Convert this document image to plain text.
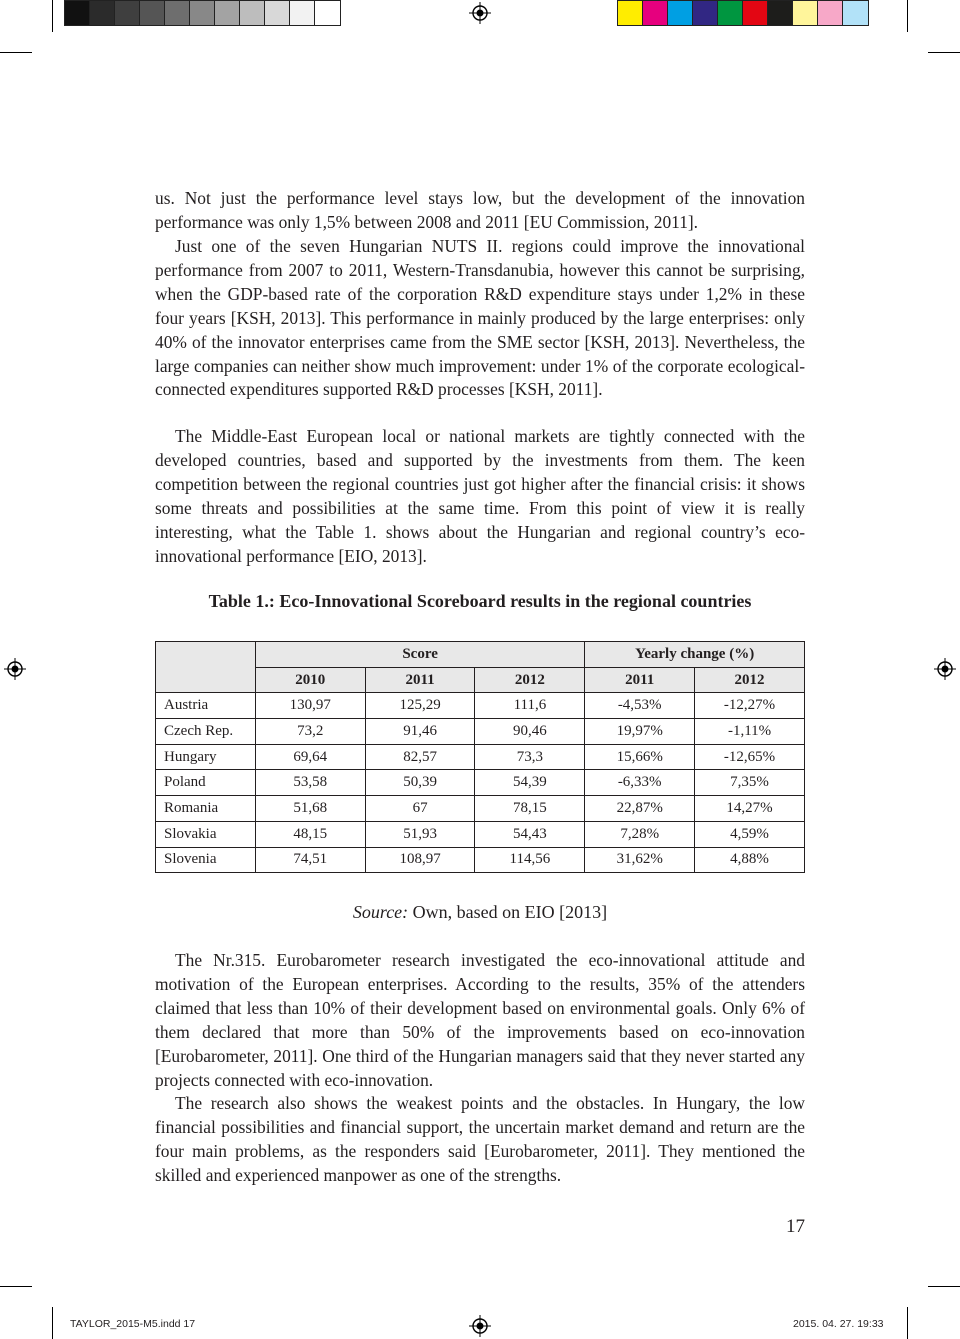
us. Not just the performance level stays low, but the development of the innovation performance was only 1,5% between 2008 and 2011 [EU Commission, 2011].

Just one of the seven Hungarian NUTS II. regions could improve the innovational performance from 2007 to 2011, Western-Transdanubia, however this cannot be surprising, when the GDP-based rate of the corporation R&D expenditure stays under 1,2% in these four years [KSH, 2013]. This performance in mainly produced by the large enterprises: only 40% of the innovator enterprises came from the SME sector [KSH, 2013]. Nevertheless, the large companies can neither show much improvement: under 1% of the corporate ecological-connected expenditures supported R&D processes [KSH, 2011].

The Middle-East European local or national markets are tightly connected with the developed countries, based and supported by the investments from them. The keen competition between the regional countries just got higher after the financial crisis: it shows some threats and possibilities at the same time. From this point of view it is really interesting, what the Table 1. shows about the Hungarian and regional country’s eco-innovational performance [EIO, 2013].

Table 1.: Eco-Innovational Scoreboard results in the regional countries

	Score			Yearly change (%)	
	2010	2011	2012	2011	2012
Austria	130,97	125,29	111,6	-4,53%	-12,27%
Czech Rep.	73,2	91,46	90,46	19,97%	-1,11%
Hungary	69,64	82,57	73,3	15,66%	-12,65%
Poland	53,58	50,39	54,39	-6,33%	7,35%
Romania	51,68	67	78,15	22,87%	14,27%
Slovakia	48,15	51,93	54,43	7,28%	4,59%
Slovenia	74,51	108,97	114,56	31,62%	4,88%

Source: Own, based on EIO [2013]

The Nr.315. Eurobarometer research investigated the eco-innovational attitude and motivation of the European enterprises. According to the results, 35% of the attenders claimed that less than 10% of their development based on environmental goals. Only 6% of them declared that more than 50% of the improvements based on eco-innovation [Eurobarometer, 2011]. One third of the Hungarian managers said that they never started any projects connected with eco-innovation.

The research also shows the weakest points and the obstacles. In Hungary, the low financial possibilities and financial support, the uncertain market demand and return are the four main problems, as the responders said [Eurobarometer, 2011]. They mentioned the skilled and experienced manpower as one of the strengths.

17
TAYLOR_2015-M5.indd 17	2015. 04. 27. 19:33
